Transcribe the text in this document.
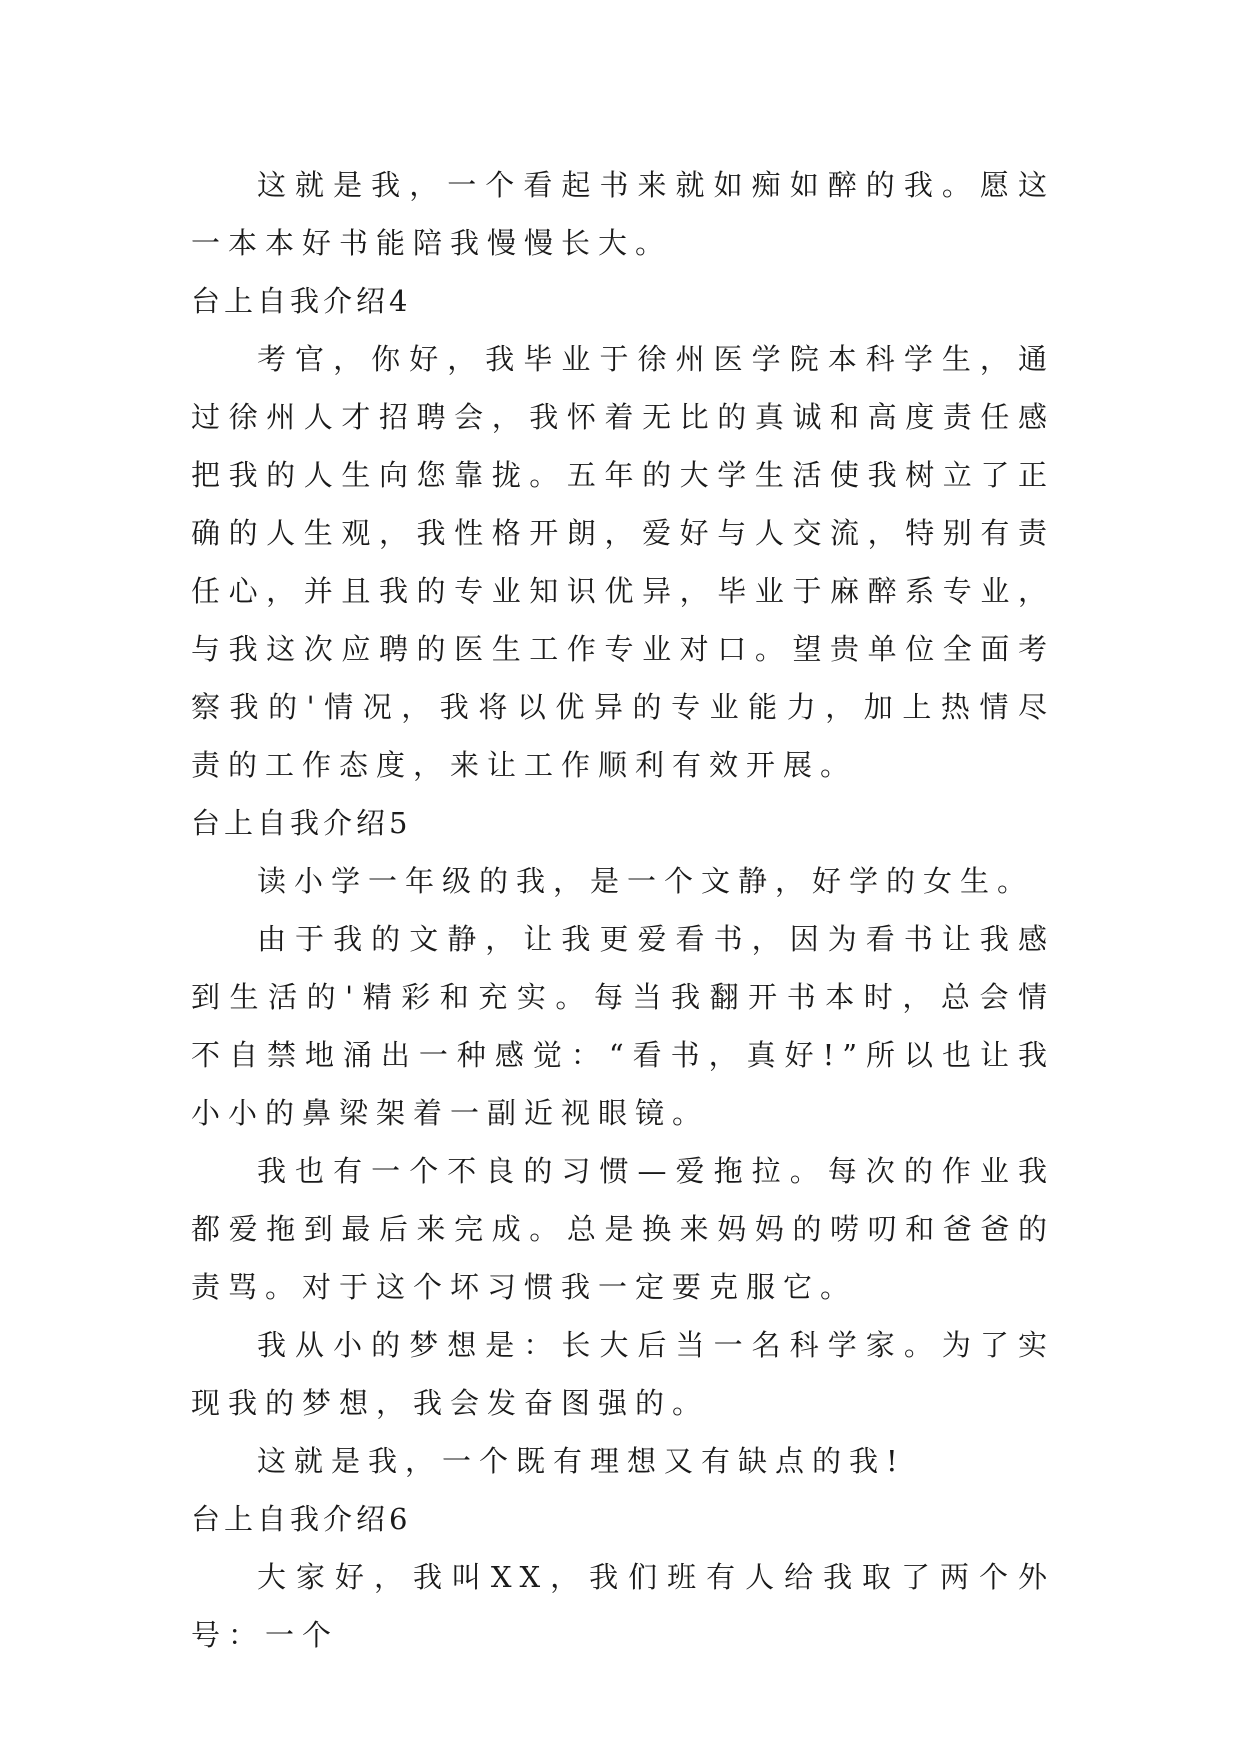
这就是我，一个看起书来就如痴如醉的我。愿这一本本好书能陪我慢慢长大。

台上自我介绍4

考官，你好，我毕业于徐州医学院本科学生，通过徐州人才招聘会，我怀着无比的真诚和高度责任感把我的人生向您靠拢。五年的大学生活使我树立了正确的人生观，我性格开朗，爱好与人交流，特别有责任心，并且我的专业知识优异，毕业于麻醉系专业，与我这次应聘的医生工作专业对口。望贵单位全面考察我的'情况，我将以优异的专业能力，加上热情尽责的工作态度，来让工作顺利有效开展。

台上自我介绍5

读小学一年级的我，是一个文静，好学的女生。

由于我的文静，让我更爱看书，因为看书让我感到生活的'精彩和充实。每当我翻开书本时，总会情不自禁地涌出一种感觉：“看书，真好!”所以也让我小小的鼻梁架着一副近视眼镜。

我也有一个不良的习惯—爱拖拉。每次的作业我都爱拖到最后来完成。总是换来妈妈的唠叨和爸爸的责骂。对于这个坏习惯我一定要克服它。

我从小的梦想是：长大后当一名科学家。为了实现我的梦想，我会发奋图强的。

这就是我，一个既有理想又有缺点的我!

台上自我介绍6

大家好，我叫XX，我们班有人给我取了两个外号：一个
